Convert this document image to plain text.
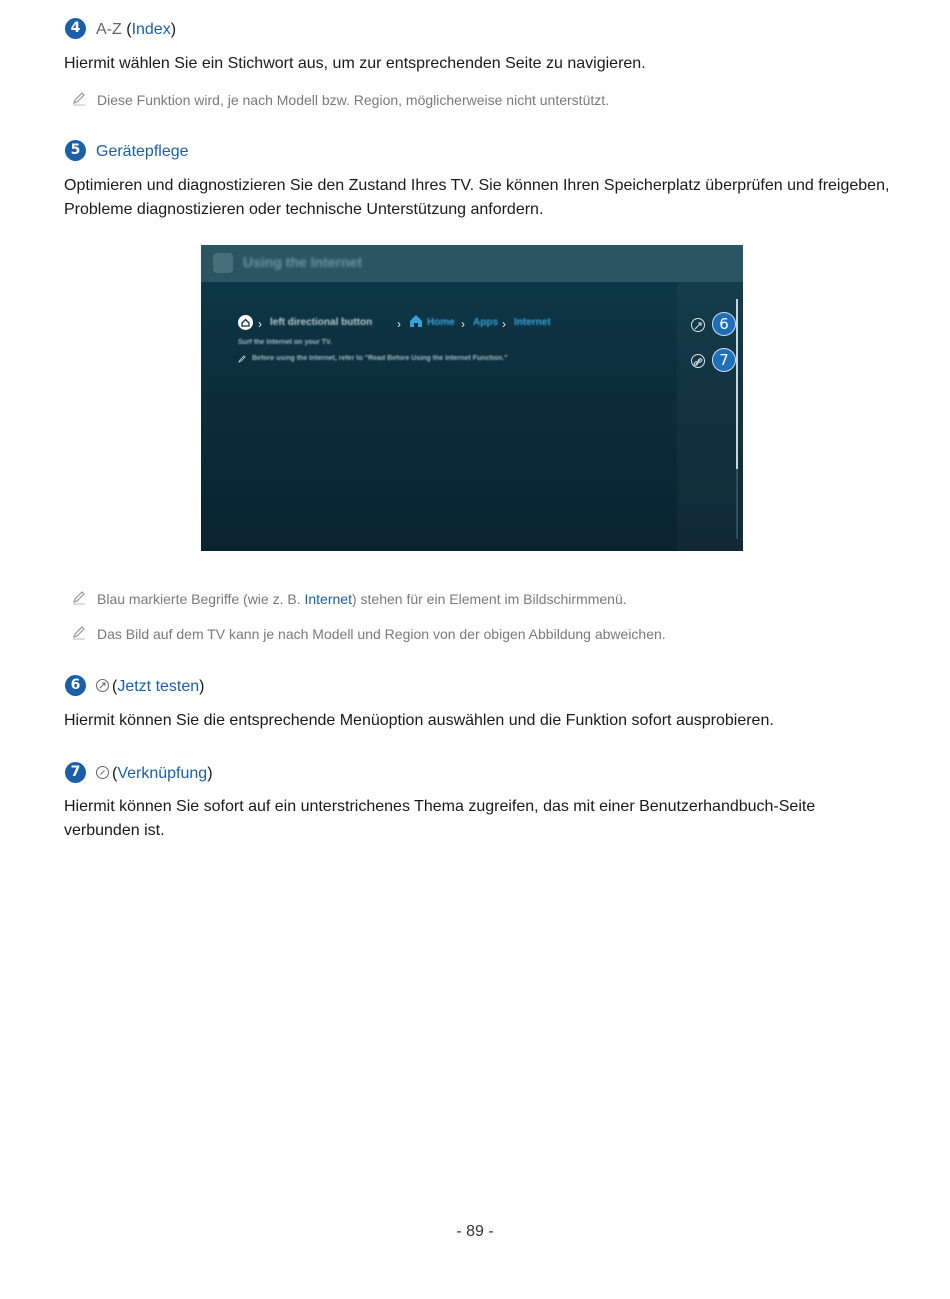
4 A-Z (Index)
Hiermit wählen Sie ein Stichwort aus, um zur entsprechenden Seite zu navigieren.
Diese Funktion wird, je nach Modell bzw. Region, möglicherweise nicht unterstützt.
5 Gerätepflege
Optimieren und diagnostizieren Sie den Zustand Ihres TV. Sie können Ihren Speicherplatz überprüfen und freigeben,
Probleme diagnostizieren oder technische Unterstützung anfordern.
Using the Internet
› left directional button ›	Home › Apps › Internet
Surf the Internet on your TV.
Before using the Internet, refer to "Read Before Using the Internet Function."
6
7
Blau markierte Begriffe (wie z. B. Internet) stehen für ein Element im Bildschirmmenü.
Das Bild auf dem TV kann je nach Modell und Region von der obigen Abbildung abweichen.
6	(Jetzt testen)
Hiermit können Sie die entsprechende Menüoption auswählen und die Funktion sofort ausprobieren.
7	(Verknüpfung)
Hiermit können Sie sofort auf ein unterstrichenes Thema zugreifen, das mit einer Benutzerhandbuch-Seite
verbunden ist.
- 89 -
